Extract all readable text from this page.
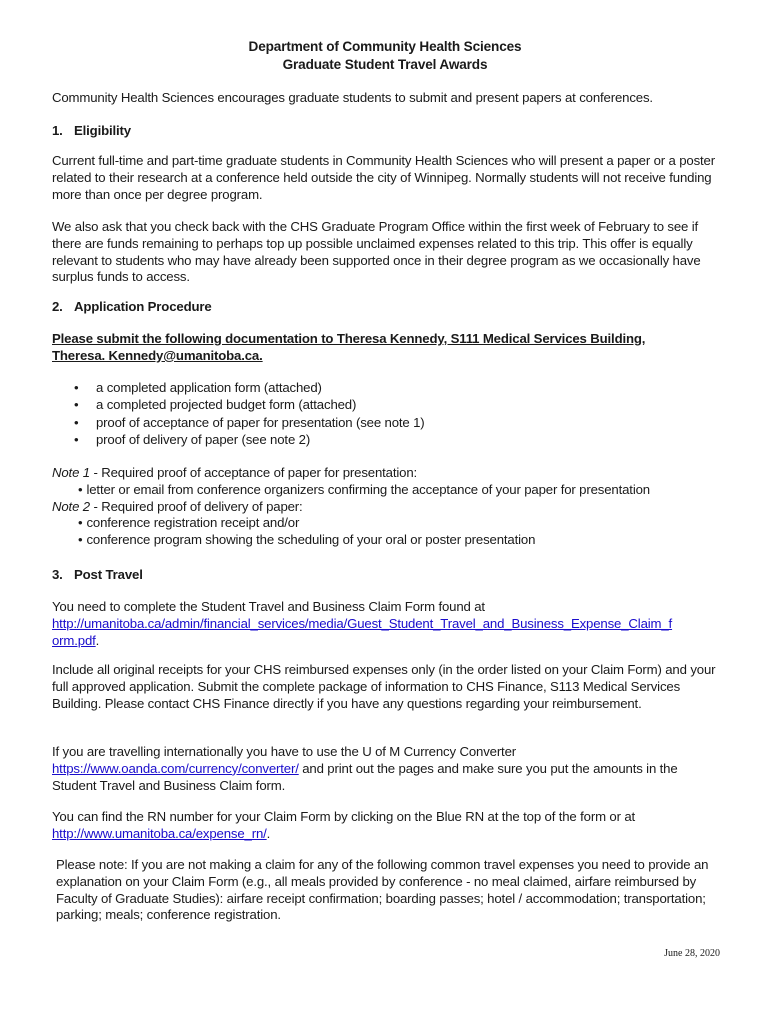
Department of Community Health Sciences
Graduate Student Travel Awards
Community Health Sciences encourages graduate students to submit and present papers at conferences.
1. Eligibility
Current full-time and part-time graduate students in Community Health Sciences who will present a paper or a poster related to their research at a conference held outside the city of Winnipeg. Normally students will not receive funding more than once per degree program.
We also ask that you check back with the CHS Graduate Program Office within the first week of February to see if there are funds remaining to perhaps top up possible unclaimed expenses related to this trip. This offer is equally relevant to students who may have already been supported once in their degree program as we occasionally have surplus funds to access.
2. Application Procedure
Please submit the following documentation to Theresa Kennedy, S111 Medical Services Building,
Theresa. Kennedy@umanitoba.ca.
• a completed application form (attached)
• a completed projected budget form (attached)
• proof of acceptance of paper for presentation (see note 1)
• proof of delivery of paper (see note 2)
Note 1 - Required proof of acceptance of paper for presentation:
• letter or email from conference organizers confirming the acceptance of your paper for presentation
Note 2 - Required proof of delivery of paper:
• conference registration receipt and/or
• conference program showing the scheduling of your oral or poster presentation
3. Post Travel
You need to complete the Student Travel and Business Claim Form found at
http://umanitoba.ca/admin/financial_services/media/Guest_Student_Travel_and_Business_Expense_Claim_f
orm.pdf.
Include all original receipts for your CHS reimbursed expenses only (in the order listed on your Claim Form) and your full approved application. Submit the complete package of information to CHS Finance, S113 Medical Services Building. Please contact CHS Finance directly if you have any questions regarding your reimbursement.
If you are travelling internationally you have to use the U of M Currency Converter
https://www.oanda.com/currency/converter/ and print out the pages and make sure you put the amounts in the Student Travel and Business Claim form.
You can find the RN number for your Claim Form by clicking on the Blue RN at the top of the form or at
http://www.umanitoba.ca/expense_rn/.
Please note: If you are not making a claim for any of the following common travel expenses you need to provide an explanation on your Claim Form (e.g., all meals provided by conference - no meal claimed, airfare reimbursed by Faculty of Graduate Studies): airfare receipt confirmation; boarding passes; hotel / accommodation; transportation; parking; meals; conference registration.
June 28, 2020
